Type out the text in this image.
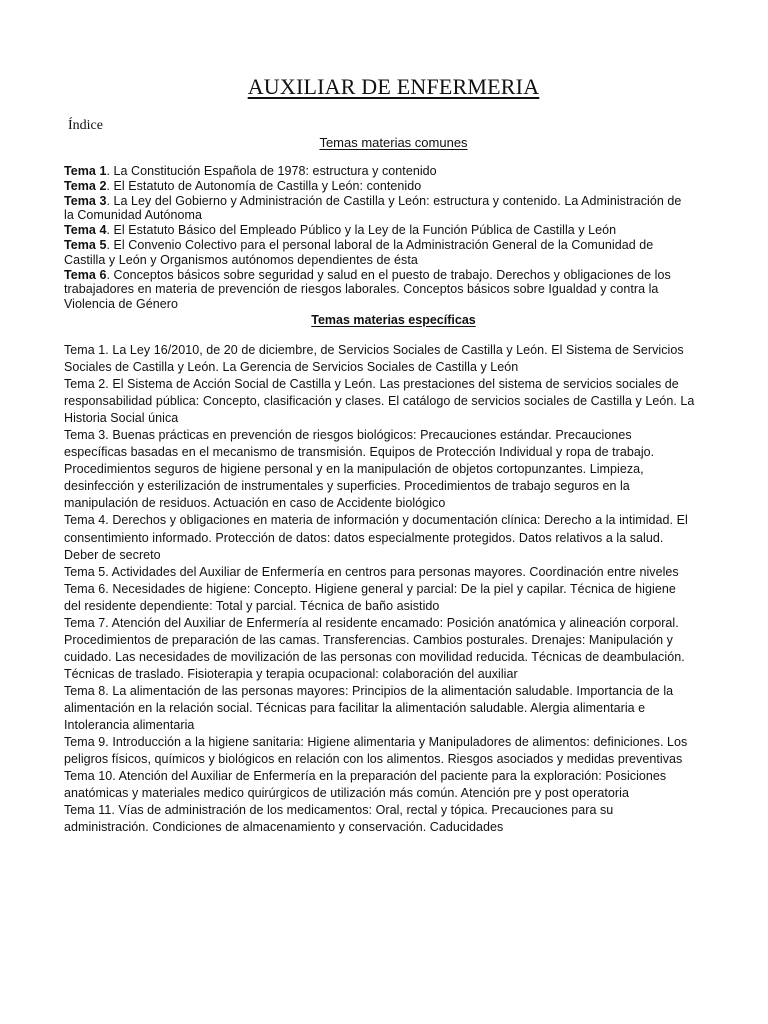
AUXILIAR DE ENFERMERIA

Índice

Temas materias comunes

Tema 1. La Constitución Española de 1978: estructura y contenido

Tema 2. El Estatuto de Autonomía de Castilla y León: contenido

Tema 3. La Ley del Gobierno y Administración de Castilla y León: estructura y contenido. La Administración de la Comunidad Autónoma

Tema 4. El Estatuto Básico del Empleado Público y la Ley de la Función Pública de Castilla y León

Tema 5. El Convenio Colectivo para el personal laboral de la Administración General de la Comunidad de Castilla y León y Organismos autónomos dependientes de ésta

Tema 6. Conceptos básicos sobre seguridad y salud en el puesto de trabajo. Derechos y obligaciones de los trabajadores en materia de prevención de riesgos laborales. Conceptos básicos sobre Igualdad y contra la Violencia de Género

Temas materias específicas

Tema 1. La Ley 16/2010, de 20 de diciembre, de Servicios Sociales de Castilla y León. El Sistema de Servicios Sociales de Castilla y León. La Gerencia de Servicios Sociales de Castilla y León

Tema 2. El Sistema de Acción Social de Castilla y León. Las prestaciones del sistema de servicios sociales de responsabilidad pública: Concepto, clasificación y clases. El catálogo de servicios sociales de Castilla y León. La Historia Social única

Tema 3. Buenas prácticas en prevención de riesgos biológicos: Precauciones estándar. Precauciones específicas basadas en el mecanismo de transmisión. Equipos de Protección Individual y ropa de trabajo. Procedimientos seguros de higiene personal y en la manipulación de objetos cortopunzantes. Limpieza, desinfección y esterilización de instrumentales y superficies. Procedimientos de trabajo seguros en la manipulación de residuos. Actuación en caso de Accidente biológico

Tema 4. Derechos y obligaciones en materia de información y documentación clínica: Derecho a la intimidad. El consentimiento informado. Protección de datos: datos especialmente protegidos. Datos relativos a la salud. Deber de secreto

Tema 5. Actividades del Auxiliar de Enfermería en centros para personas mayores. Coordinación entre niveles

Tema 6. Necesidades de higiene: Concepto. Higiene general y parcial: De la piel y capilar. Técnica de higiene del residente dependiente: Total y parcial. Técnica de baño asistido

Tema 7. Atención del Auxiliar de Enfermería al residente encamado: Posición anatómica y alineación corporal. Procedimientos de preparación de las camas. Transferencias. Cambios posturales. Drenajes: Manipulación y cuidado. Las necesidades de movilización de las personas con movilidad reducida. Técnicas de deambulación. Técnicas de traslado. Fisioterapia y terapia ocupacional: colaboración del auxiliar

Tema 8. La alimentación de las personas mayores: Principios de la alimentación saludable. Importancia de la alimentación en la relación social. Técnicas para facilitar la alimentación saludable. Alergia alimentaria e Intolerancia alimentaria

Tema 9. Introducción a la higiene sanitaria: Higiene alimentaria y Manipuladores de alimentos: definiciones. Los peligros físicos, químicos y biológicos en relación con los alimentos. Riesgos asociados y medidas preventivas

Tema 10. Atención del Auxiliar de Enfermería en la preparación del paciente para la exploración: Posiciones anatómicas y materiales medico quirúrgicos de utilización más común. Atención pre y post operatoria

Tema 11. Vías de administración de los medicamentos: Oral, rectal y tópica. Precauciones para su administración. Condiciones de almacenamiento y conservación. Caducidades
